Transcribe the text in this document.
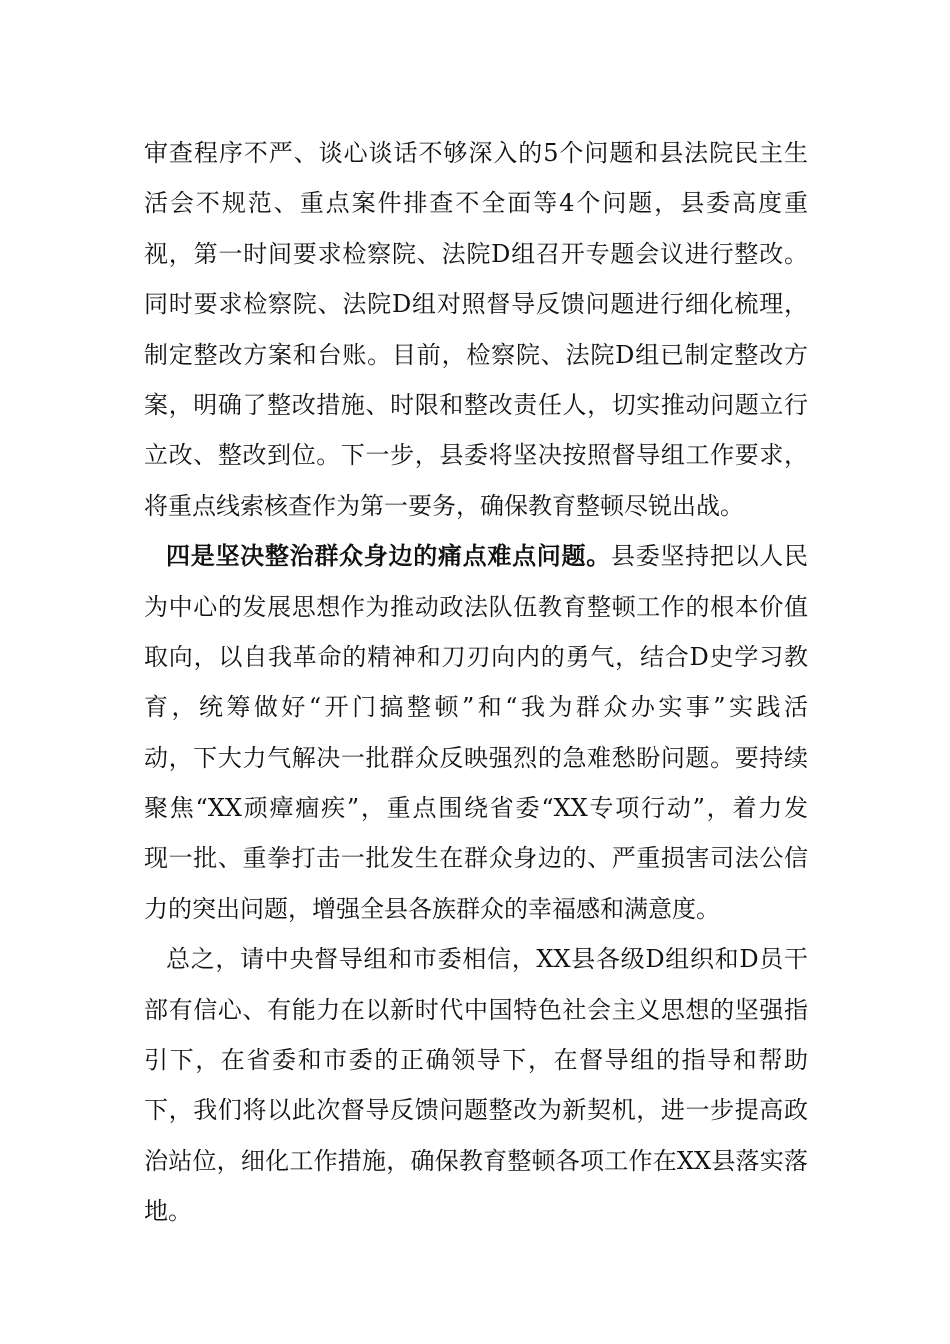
审查程序不严、谈心谈话不够深入的5个问题和县法院民主生
活会不规范、重点案件排查不全面等4个问题，县委高度重
视，第一时间要求检察院、法院D组召开专题会议进行整改。
同时要求检察院、法院D组对照督导反馈问题进行细化梳理，
制定整改方案和台账。目前，检察院、法院D组已制定整改方
案，明确了整改措施、时限和整改责任人，切实推动问题立行
立改、整改到位。下一步，县委将坚决按照督导组工作要求，
将重点线索核查作为第一要务，确保教育整顿尽锐出战。
四是坚决整治群众身边的痛点难点问题。县委坚持把以人民
为中心的发展思想作为推动政法队伍教育整顿工作的根本价值
取向，以自我革命的精神和刀刃向内的勇气，结合D史学习教
育，统筹做好“开门搞整顿”和“我为群众办实事”实践活
动，下大力气解决一批群众反映强烈的急难愁盼问题。要持续
聚焦“XX顽瘴痼疾”，重点围绕省委“XX专项行动”，着力发
现一批、重拳打击一批发生在群众身边的、严重损害司法公信
力的突出问题，增强全县各族群众的幸福感和满意度。
总之，请中央督导组和市委相信，XX县各级D组织和D员干
部有信心、有能力在以新时代中国特色社会主义思想的坚强指
引下，在省委和市委的正确领导下，在督导组的指导和帮助
下，我们将以此次督导反馈问题整改为新契机，进一步提高政
治站位，细化工作措施，确保教育整顿各项工作在XX县落实落
地。
